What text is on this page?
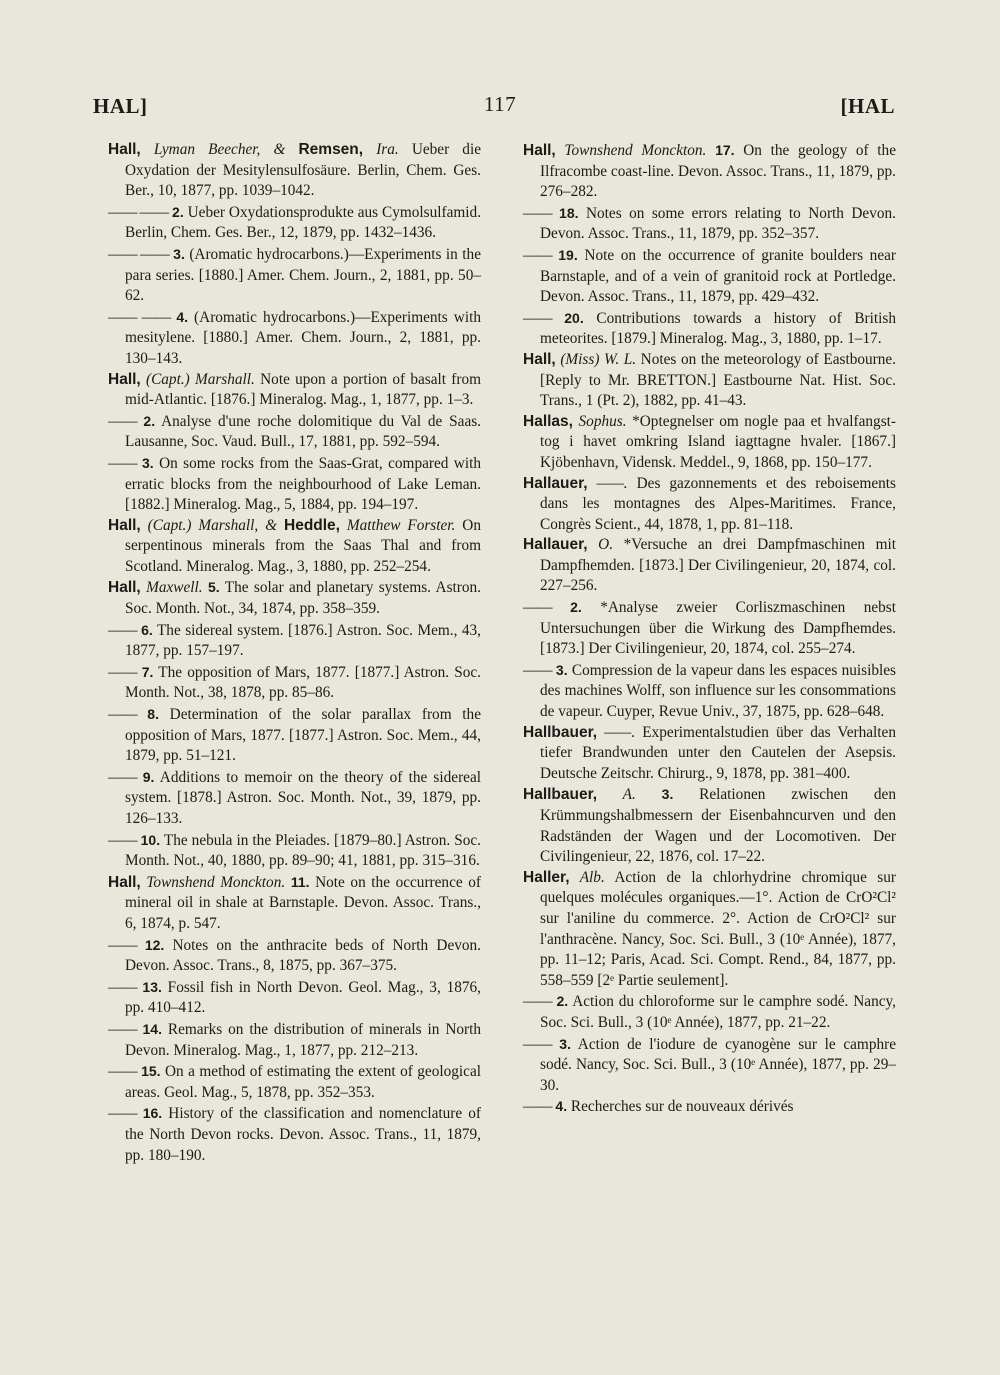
HAL]	117	[HAL
Hall, Lyman Beecher, & Remsen, Ira. Ueber die Oxydation der Mesitylensulfosäure. Berlin, Chem. Ges. Ber., 10, 1877, pp. 1039–1042.
—— —— 2. Ueber Oxydationsprodukte aus Cymolsulfamid. Berlin, Chem. Ges. Ber., 12, 1879, pp. 1432–1436.
—— —— 3. (Aromatic hydrocarbons.)—Experiments in the para series. [1880.] Amer. Chem. Journ., 2, 1881, pp. 50–62.
—— —— 4. (Aromatic hydrocarbons.)—Experiments with mesitylene. [1880.] Amer. Chem. Journ., 2, 1881, pp. 130–143.
Hall, (Capt.) Marshall. Note upon a portion of basalt from mid-Atlantic. [1876.] Mineralog. Mag., 1, 1877, pp. 1–3.
—— 2. Analyse d'une roche dolomitique du Val de Saas. Lausanne, Soc. Vaud. Bull., 17, 1881, pp. 592–594.
—— 3. On some rocks from the Saas-Grat, compared with erratic blocks from the neighbourhood of Lake Leman. [1882.] Mineralog. Mag., 5, 1884, pp. 194–197.
Hall, (Capt.) Marshall, & Heddle, Matthew Forster. On serpentinous minerals from the Saas Thal and from Scotland. Mineralog. Mag., 3, 1880, pp. 252–254.
Hall, Maxwell. 5. The solar and planetary systems. Astron. Soc. Month. Not., 34, 1874, pp. 358–359.
—— 6. The sidereal system. [1876.] Astron. Soc. Mem., 43, 1877, pp. 157–197.
—— 7. The opposition of Mars, 1877. [1877.] Astron. Soc. Month. Not., 38, 1878, pp. 85–86.
—— 8. Determination of the solar parallax from the opposition of Mars, 1877. [1877.] Astron. Soc. Mem., 44, 1879, pp. 51–121.
—— 9. Additions to memoir on the theory of the sidereal system. [1878.] Astron. Soc. Month. Not., 39, 1879, pp. 126–133.
—— 10. The nebula in the Pleiades. [1879–80.] Astron. Soc. Month. Not., 40, 1880, pp. 89–90; 41, 1881, pp. 315–316.
Hall, Townshend Monckton. 11. Note on the occurrence of mineral oil in shale at Barnstaple. Devon. Assoc. Trans., 6, 1874, p. 547.
—— 12. Notes on the anthracite beds of North Devon. Devon. Assoc. Trans., 8, 1875, pp. 367–375.
—— 13. Fossil fish in North Devon. Geol. Mag., 3, 1876, pp. 410–412.
—— 14. Remarks on the distribution of minerals in North Devon. Mineralog. Mag., 1, 1877, pp. 212–213.
—— 15. On a method of estimating the extent of geological areas. Geol. Mag., 5, 1878, pp. 352–353.
—— 16. History of the classification and nomenclature of the North Devon rocks. Devon. Assoc. Trans., 11, 1879, pp. 180–190.
Hall, Townshend Monckton. 17. On the geology of the Ilfracombe coast-line. Devon. Assoc. Trans., 11, 1879, pp. 276–282.
—— 18. Notes on some errors relating to North Devon. Devon. Assoc. Trans., 11, 1879, pp. 352–357.
—— 19. Note on the occurrence of granite boulders near Barnstaple, and of a vein of granitoid rock at Portledge. Devon. Assoc. Trans., 11, 1879, pp. 429–432.
—— 20. Contributions towards a history of British meteorites. [1879.] Mineralog. Mag., 3, 1880, pp. 1–17.
Hall, (Miss) W. L. Notes on the meteorology of Eastbourne. [Reply to Mr. BRETTON.] Eastbourne Nat. Hist. Soc. Trans., 1 (Pt. 2), 1882, pp. 41–43.
Hallas, Sophus. *Optegnelser om nogle paa et hvalfangst-tog i havet omkring Island iagttagne hvaler. [1867.] Kjöbenhavn, Vidensk. Meddel., 9, 1868, pp. 150–177.
Hallauer, ——. Des gazonnements et des reboisements dans les montagnes des Alpes-Maritimes. France, Congrès Scient., 44, 1878, 1, pp. 81–118.
Hallauer, O. *Versuche an drei Dampfmaschinen mit Dampfhemden. [1873.] Der Civilingenieur, 20, 1874, col. 227–256.
—— 2. *Analyse zweier Corliszmaschinen nebst Untersuchungen über die Wirkung des Dampfhemdes. [1873.] Der Civilingenieur, 20, 1874, col. 255–274.
—— 3. Compression de la vapeur dans les espaces nuisibles des machines Wolff, son influence sur les consommations de vapeur. Cuyper, Revue Univ., 37, 1875, pp. 628–648.
Hallbauer, ——. Experimentalstudien über das Verhalten tiefer Brandwunden unter den Cautelen der Asepsis. Deutsche Zeitschr. Chirurg., 9, 1878, pp. 381–400.
Hallbauer, A. 3. Relationen zwischen den Krümmungshalbmessern der Eisenbahncurven und den Radständen der Wagen und der Locomotiven. Der Civilingenieur, 22, 1876, col. 17–22.
Haller, Alb. Action de la chlorhydrine chromique sur quelques molécules organiques.—1°. Action de CrO²Cl² sur l'aniline du commerce. 2°. Action de CrO²Cl² sur l'anthracène. Nancy, Soc. Sci. Bull., 3 (10ᵉ Année), 1877, pp. 11–12; Paris, Acad. Sci. Compt. Rend., 84, 1877, pp. 558–559 [2ᵉ Partie seulement].
—— 2. Action du chloroforme sur le camphre sodé. Nancy, Soc. Sci. Bull., 3 (10ᵉ Année), 1877, pp. 21–22.
—— 3. Action de l'iodure de cyanogène sur le camphre sodé. Nancy, Soc. Sci. Bull., 3 (10ᵉ Année), 1877, pp. 29–30.
—— 4. Recherches sur de nouveaux dérivés
